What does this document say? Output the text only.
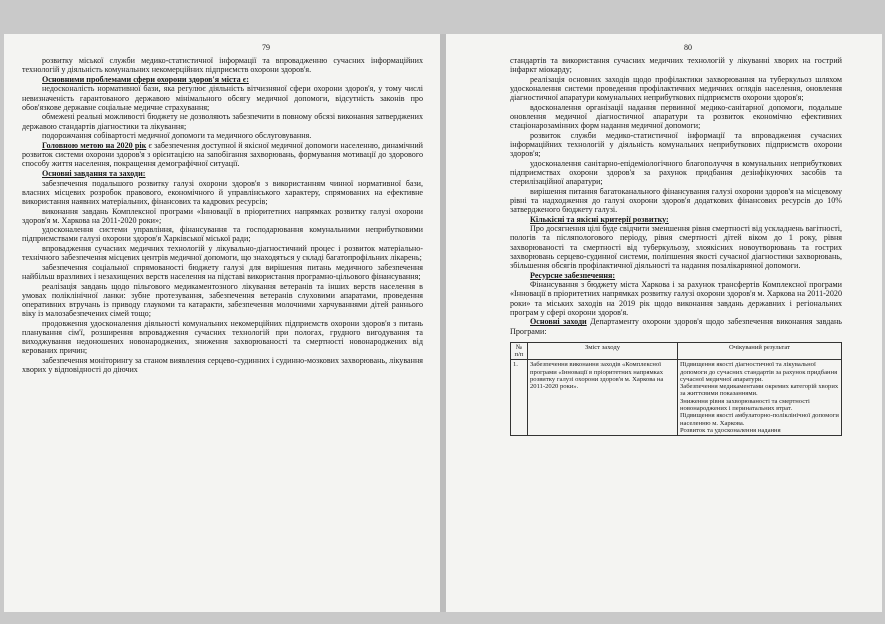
79

розвитку міської служби медико-статистичної інформації та впровадженню сучасних інформаційних технологій у діяльність комунальних некомерційних підприємств охорони здоров'я.

Основними проблемами сфери охорони здоров'я міста є:

недосконалість нормативної бази, яка регулює діяльність вітчизняної сфери охорони здоров'я, у тому числі невизначеність гарантованого державою мінімального обсягу медичної допомоги, відсутність законів про обов'язкове державне соціальне медичне страхування;

обмежені реальні можливості бюджету не дозволяють забезпечити в повному обсязі виконання затверджених державою стандартів діагностики та лікування;

подорожчання собівартості медичної допомоги та медичного обслуговування.

Головною метою на 2020 рік є забезпечення доступної й якісної медичної допомоги населенню, динамічний розвиток системи охорони здоров'я з орієнтацією на запобігання захворювань, формування мотивації до здорового способу життя населення, покращення демографічної ситуації.

Основні завдання та заходи:

забезпечення подальшого розвитку галузі охорони здоров'я з використанням чинної нормативної бази, власних місцевих розробок правового, економічного й управлінського характеру, спрямованих на ефективне використання наявних матеріальних, фінансових та кадрових ресурсів;

виконання завдань Комплексної програми «Інновації в пріоритетних напрямках розвитку галузі охорони здоров'я м. Харкова на 2011-2020 роки»;

удосконалення системи управління, фінансування та господарювання комунальними неприбутковими підприємствами галузі охорони здоров'я Харківської міської ради;

впровадження сучасних медичних технологій у лікувально-діагностичний процес і розвиток матеріально-технічного забезпечення місцевих центрів медичної допомоги, що знаходяться у складі багатопрофільних лікарень;

забезпечення соціальної спрямованості бюджету галузі для вирішення питань медичного забезпечення найбільш вразливих і незахищених верств населення на підставі використання програмно-цільового фінансування;

реалізація завдань щодо пільгового медикаментозного лікування ветеранів та інших верств населення в умовах поліклінічної ланки: зубне протезування, забезпечення ветеранів слуховими апаратами, проведення оперативних втручань із приводу глаукоми та катаракти, забезпечення молочними харчуваннями дітей раннього віку із малозабезпечених сімей тощо;

продовження удосконалення діяльності комунальних некомерційних підприємств охорони здоров'я з питань планування сім'ї, розширення впровадження сучасних технологій при пологах, грудного вигодування та виходжування недоношених новонароджених, зниження захворюваності та смертності новонароджених від керованих причин;

забезпечення моніторингу за станом виявлення серцево-судинних і судинно-мозкових захворювань, лікування хворих у відповідності до діючих

80

стандартів та використання сучасних медичних технологій у лікуванні хворих на гострий інфаркт міокарду;

реалізація основних заходів щодо профілактики захворювання на туберкульоз шляхом удосконалення системи проведення профілактичних медичних оглядів населення, оновлення діагностичної апаратури комунальних неприбуткових підприємств охорони здоров'я;

вдосконалення організації надання первинної медико-санітарної допомоги, подальше оновлення медичної діагностичної апаратури та розвиток економічно ефективних стаціонарозамінних форм надання медичної допомоги;

розвиток служби медико-статистичної інформації та впровадження сучасних інформаційних технологій у діяльність комунальних неприбуткових підприємств охорони здоров'я;

удосконалення санітарно-епідеміологічного благополуччя в комунальних неприбуткових підприємствах охорони здоров'я за рахунок придбання дезінфікуючих засобів та стерилізаційної апаратури;

вирішення питання багатоканального фінансування галузі охорони здоров'я на місцевому рівні та надходження до галузі охорони здоров'я додаткових фінансових ресурсів до 10% затвердженого бюджету галузі.

Кількісні та якісні критерії розвитку:

Про досягнення цілі буде свідчити зменшення рівня смертності від ускладнень вагітності, пологів та післяпологового періоду, рівня смертності дітей віком до 1 року, рівня захворюваності та смертності від туберкульозу, злоякісних новоутворювань та гострих захворювань серцево-судинної системи, поліпшення якості сучасної діагностики захворювань, збільшення обсягів профілактичної діяльності та надання позалікарняної допомоги.

Ресурсне забезпечення:

Фінансування з бюджету міста Харкова і за рахунок трансфертів Комплексної програми «Інновації в пріоритетних напрямках розвитку галузі охорони здоров'я м. Харкова на 2011-2020 роки» та міських заходів на 2019 рік щодо виконання завдань державних і регіональних програм у сфері охорони здоров'я.

Основні заходи Департаменту охорони здоров'я щодо забезпечення виконання завдань Програми:

№ п/п	Зміст заходу	Очікуваний результат
1.	Забезпечення виконання заходів «Комплексної програми «Інновації в пріоритетних напрямках розвитку галузі охорони здоров'я м. Харкова на 2011-2020 роки».	Підвищення якості діагностичної та лікувальної допомоги до сучасних стандартів за рахунок придбання сучасної медичної апаратури.
Забезпечення медикаментами окремих категорій хворих за життєвими показаннями.
Зниження рівня захворюваності та смертності новонароджених і перинатальних втрат.
Підвищення якості амбулаторно-поліклінічної допомоги населенню м. Харкова.
Розвиток та удосконалення надання
